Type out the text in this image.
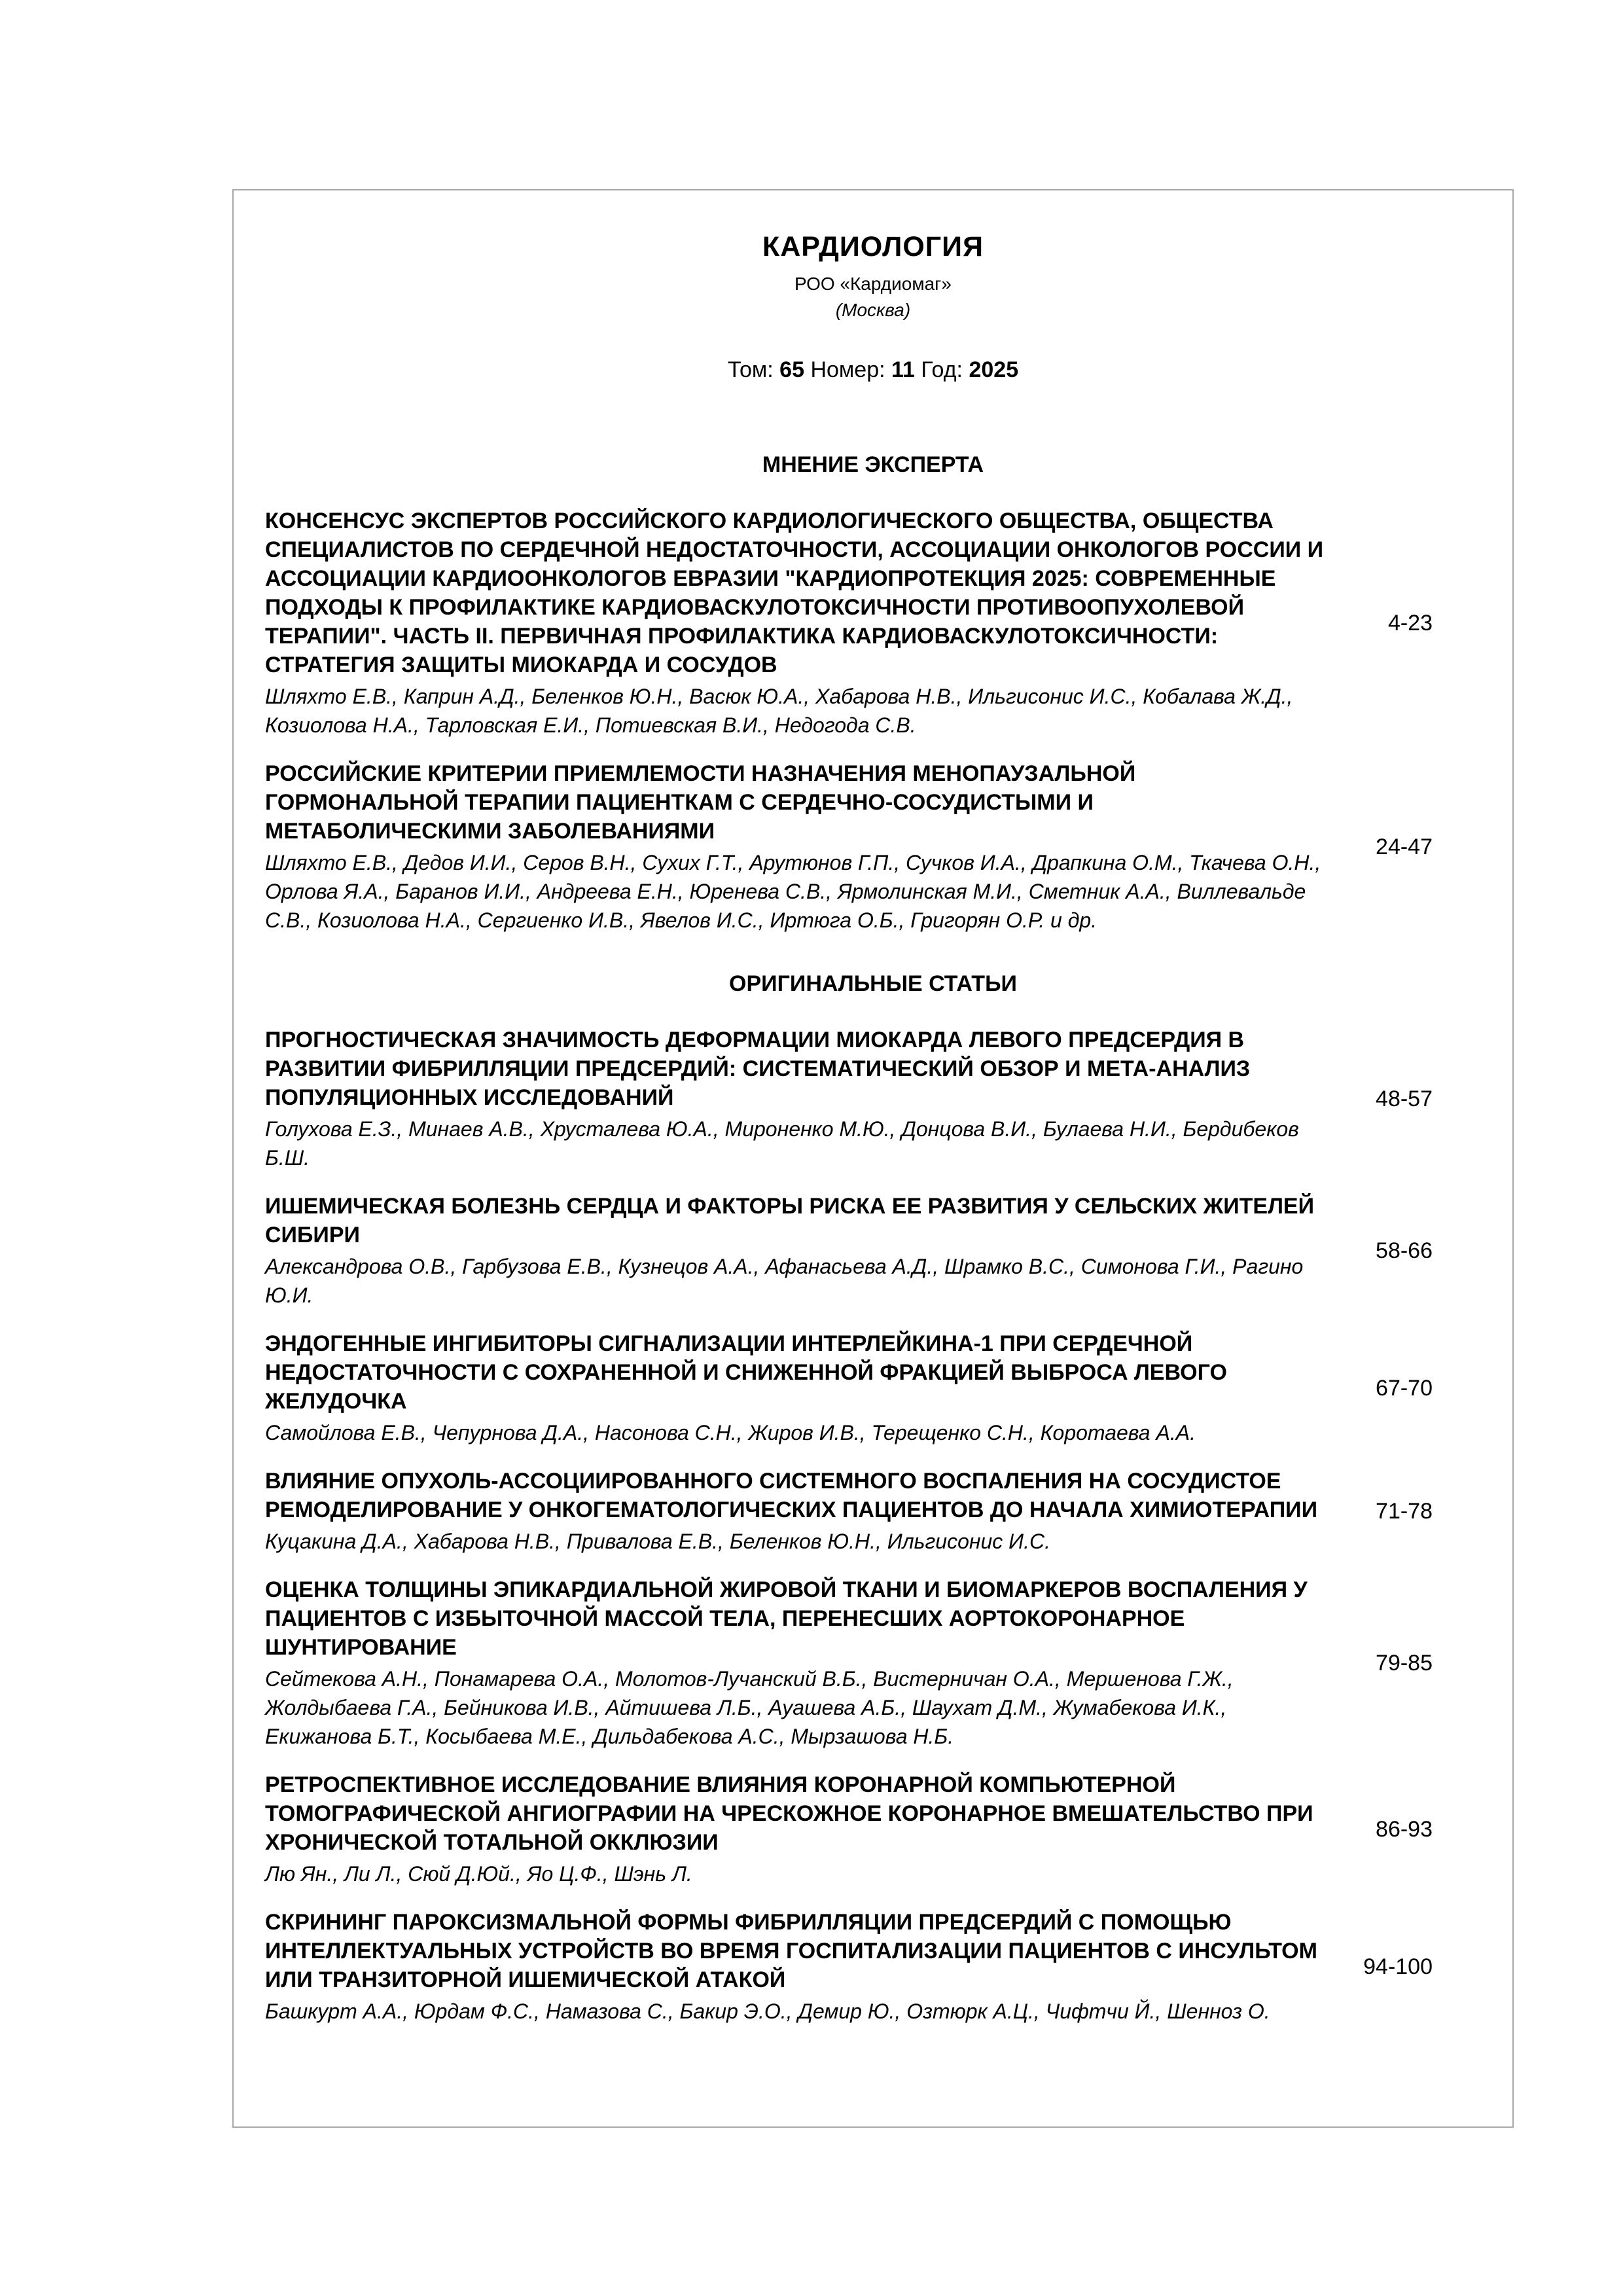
КАРДИОЛОГИЯ
РОО «Кардиомаг»
(Москва)
Том: 65 Номер: 11 Год: 2025
МНЕНИЕ ЭКСПЕРТА
КОНСЕНСУС ЭКСПЕРТОВ РОССИЙСКОГО КАРДИОЛОГИЧЕСКОГО ОБЩЕСТВА, ОБЩЕСТВА СПЕЦИАЛИСТОВ ПО СЕРДЕЧНОЙ НЕДОСТАТОЧНОСТИ, АССОЦИАЦИИ ОНКОЛОГОВ РОССИИ И АССОЦИАЦИИ КАРДИООНКОЛОГОВ ЕВРАЗИИ "КАРДИОПРОТЕКЦИЯ 2025: СОВРЕМЕННЫЕ ПОДХОДЫ К ПРОФИЛАКТИКЕ КАРДИОВАСКУЛОТОКСИЧНОСТИ ПРОТИВООПУХОЛЕВОЙ ТЕРАПИИ". ЧАСТЬ II. ПЕРВИЧНАЯ ПРОФИЛАКТИКА КАРДИОВАСКУЛОТОКСИЧНОСТИ: СТРАТЕГИЯ ЗАЩИТЫ МИОКАРДА И СОСУДОВ
Шляхто Е.В., Каприн А.Д., Беленков Ю.Н., Васюк Ю.А., Хабарова Н.В., Ильгисонис И.С., Кобалава Ж.Д., Козиолова Н.А., Тарловская Е.И., Потиевская В.И., Недогода С.В.
4-23
РОССИЙСКИЕ КРИТЕРИИ ПРИЕМЛЕМОСТИ НАЗНАЧЕНИЯ МЕНОПАУЗАЛЬНОЙ ГОРМОНАЛЬНОЙ ТЕРАПИИ ПАЦИЕНТКАМ С СЕРДЕЧНО-СОСУДИСТЫМИ И МЕТАБОЛИЧЕСКИМИ ЗАБОЛЕВАНИЯМИ
Шляхто Е.В., Дедов И.И., Серов В.Н., Сухих Г.Т., Арутюнов Г.П., Сучков И.А., Драпкина О.М., Ткачева О.Н., Орлова Я.А., Баранов И.И., Андреева Е.Н., Юренева С.В., Ярмолинская М.И., Сметник А.А., Виллевальде С.В., Козиолова Н.А., Сергиенко И.В., Явелов И.С., Иртюга О.Б., Григорян О.Р. и др.
24-47
ОРИГИНАЛЬНЫЕ СТАТЬИ
ПРОГНОСТИЧЕСКАЯ ЗНАЧИМОСТЬ ДЕФОРМАЦИИ МИОКАРДА ЛЕВОГО ПРЕДСЕРДИЯ В РАЗВИТИИ ФИБРИЛЛЯЦИИ ПРЕДСЕРДИЙ: СИСТЕМАТИЧЕСКИЙ ОБЗОР И МЕТА-АНАЛИЗ ПОПУЛЯЦИОННЫХ ИССЛЕДОВАНИЙ
Голухова Е.З., Минаев А.В., Хрусталева Ю.А., Мироненко М.Ю., Донцова В.И., Булаева Н.И., Бердибеков Б.Ш.
48-57
ИШЕМИЧЕСКАЯ БОЛЕЗНЬ СЕРДЦА И ФАКТОРЫ РИСКА ЕЕ РАЗВИТИЯ У СЕЛЬСКИХ ЖИТЕЛЕЙ СИБИРИ
Александрова О.В., Гарбузова Е.В., Кузнецов А.А., Афанасьева А.Д., Шрамко В.С., Симонова Г.И., Рагино Ю.И.
58-66
ЭНДОГЕННЫЕ ИНГИБИТОРЫ СИГНАЛИЗАЦИИ ИНТЕРЛЕЙКИНА-1 ПРИ СЕРДЕЧНОЙ НЕДОСТАТОЧНОСТИ С СОХРАНЕННОЙ И СНИЖЕННОЙ ФРАКЦИЕЙ ВЫБРОСА ЛЕВОГО ЖЕЛУДОЧКА
Самойлова Е.В., Чепурнова Д.А., Насонова С.Н., Жиров И.В., Терещенко С.Н., Коротаева А.А.
67-70
ВЛИЯНИЕ ОПУХОЛЬ-АССОЦИИРОВАННОГО СИСТЕМНОГО ВОСПАЛЕНИЯ НА СОСУДИСТОЕ РЕМОДЕЛИРОВАНИЕ У ОНКОГЕМАТОЛОГИЧЕСКИХ ПАЦИЕНТОВ ДО НАЧАЛА ХИМИОТЕРАПИИ
Куцакина Д.А., Хабарова Н.В., Привалова Е.В., Беленков Ю.Н., Ильгисонис И.С.
71-78
ОЦЕНКА ТОЛЩИНЫ ЭПИКАРДИАЛЬНОЙ ЖИРОВОЙ ТКАНИ И БИОМАРКЕРОВ ВОСПАЛЕНИЯ У ПАЦИЕНТОВ С ИЗБЫТОЧНОЙ МАССОЙ ТЕЛА, ПЕРЕНЕСШИХ АОРТОКОРОНАРНОЕ ШУНТИРОВАНИЕ
Сейтекова А.Н., Понамарева О.А., Молотов-Лучанский В.Б., Вистерничан О.А., Мершенова Г.Ж., Жолдыбаева Г.А., Бейникова И.В., Айтишева Л.Б., Ауашева А.Б., Шаухат Д.М., Жумабекова И.К., Екижанова Б.Т., Косыбаева М.Е., Дильдабекова А.С., Мырзашова Н.Б.
79-85
РЕТРОСПЕКТИВНОЕ ИССЛЕДОВАНИЕ ВЛИЯНИЯ КОРОНАРНОЙ КОМПЬЮТЕРНОЙ ТОМОГРАФИЧЕСКОЙ АНГИОГРАФИИ НА ЧРЕСКОЖНОЕ КОРОНАРНОЕ ВМЕШАТЕЛЬСТВО ПРИ ХРОНИЧЕСКОЙ ТОТАЛЬНОЙ ОККЛЮЗИИ
Лю Ян., Ли Л., Сюй Д.Юй., Яо Ц.Ф., Шэнь Л.
86-93
СКРИНИНГ ПАРОКСИЗМАЛЬНОЙ ФОРМЫ ФИБРИЛЛЯЦИИ ПРЕДСЕРДИЙ С ПОМОЩЬЮ ИНТЕЛЛЕКТУАЛЬНЫХ УСТРОЙСТВ ВО ВРЕМЯ ГОСПИТАЛИЗАЦИИ ПАЦИЕНТОВ С ИНСУЛЬТОМ ИЛИ ТРАНЗИТОРНОЙ ИШЕМИЧЕСКОЙ АТАКОЙ
Башкурт А.А., Юрдам Ф.С., Намазова С., Бакир Э.О., Демир Ю., Озтюрк А.Ц., Чифтчи Й., Шенноз О.
94-100
